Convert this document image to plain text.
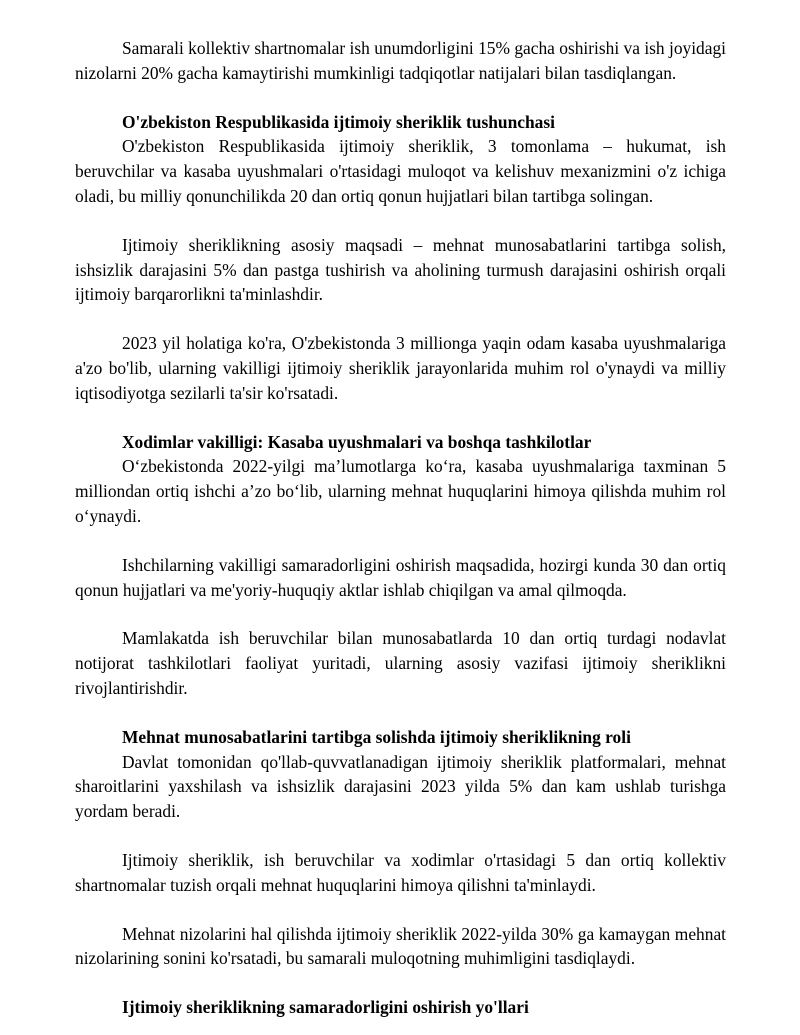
Samarali kollektiv shartnomalar ish unumdorligini 15% gacha oshirishi va ish joyidagi nizolarni 20% gacha kamaytirishi mumkinligi tadqiqotlar natijalari bilan tasdiqlangan.

O'zbekiston Respublikasida ijtimoiy sheriklik tushunchasi

O'zbekiston Respublikasida ijtimoiy sheriklik, 3 tomonlama – hukumat, ish beruvchilar va kasaba uyushmalari o'rtasidagi muloqot va kelishuv mexanizmini o'z ichiga oladi, bu milliy qonunchilikda 20 dan ortiq qonun hujjatlari bilan tartibga solingan.

Ijtimoiy sheriklikning asosiy maqsadi – mehnat munosabatlarini tartibga solish, ishsizlik darajasini 5% dan pastga tushirish va aholining turmush darajasini oshirish orqali ijtimoiy barqarorlikni ta'minlashdir.

2023 yil holatiga ko'ra, O'zbekistonda 3 millionga yaqin odam kasaba uyushmalariga a'zo bo'lib, ularning vakilligi ijtimoiy sheriklik jarayonlarida muhim rol o'ynaydi va milliy iqtisodiyotga sezilarli ta'sir ko'rsatadi.

Xodimlar vakilligi: Kasaba uyushmalari va boshqa tashkilotlar

O‘zbekistonda 2022-yilgi ma’lumotlarga ko‘ra, kasaba uyushmalariga taxminan 5 milliondan ortiq ishchi a’zo bo‘lib, ularning mehnat huquqlarini himoya qilishda muhim rol o‘ynaydi.

Ishchilarning vakilligi samaradorligini oshirish maqsadida, hozirgi kunda 30 dan ortiq qonun hujjatlari va me'yoriy-huquqiy aktlar ishlab chiqilgan va amal qilmoqda.

Mamlakatda ish beruvchilar bilan munosabatlarda 10 dan ortiq turdagi nodavlat notijorat tashkilotlari faoliyat yuritadi, ularning asosiy vazifasi ijtimoiy sheriklikni rivojlantirishdir.

Mehnat munosabatlarini tartibga solishda ijtimoiy sheriklikning roli

Davlat tomonidan qo'llab-quvvatlanadigan ijtimoiy sheriklik platformalari, mehnat sharoitlarini yaxshilash va ishsizlik darajasini 2023 yilda 5% dan kam ushlab turishga yordam beradi.

Ijtimoiy sheriklik, ish beruvchilar va xodimlar o'rtasidagi 5 dan ortiq kollektiv shartnomalar tuzish orqali mehnat huquqlarini himoya qilishni ta'minlaydi.

Mehnat nizolarini hal qilishda ijtimoiy sheriklik 2022-yilda 30% ga kamaygan mehnat nizolarining sonini ko'rsatadi, bu samarali muloqotning muhimligini tasdiqlaydi.

Ijtimoiy sheriklikning samaradorligini oshirish yo'llari
